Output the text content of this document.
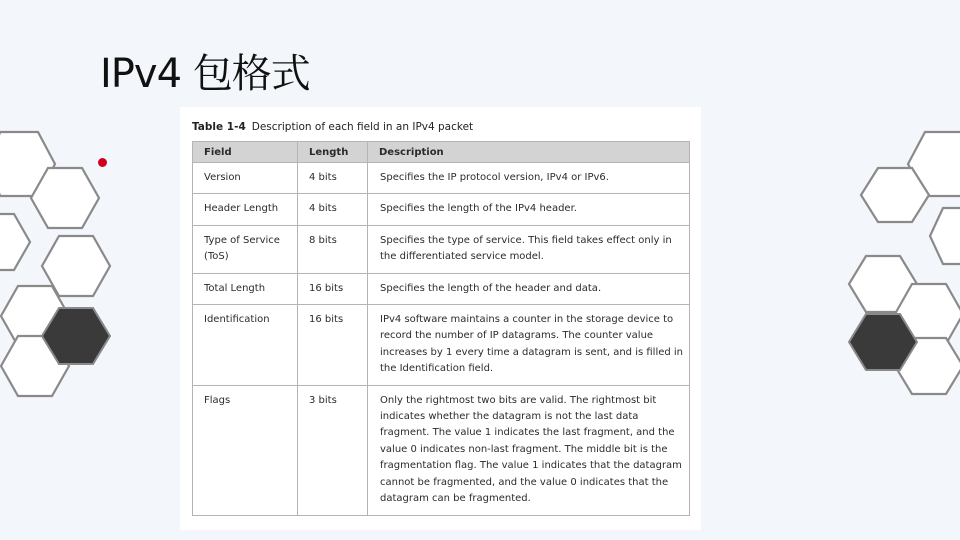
IPv4 包格式
Table 1-4 Description of each field in an IPv4 packet
Field	Length	Description
Version	4 bits	Specifies the IP protocol version, IPv4 or IPv6.
Header Length	4 bits	Specifies the length of the IPv4 header.
Type of Service (ToS)	8 bits	Specifies the type of service. This field takes effect only in the differentiated service model.
Total Length	16 bits	Specifies the length of the header and data.
Identification	16 bits	IPv4 software maintains a counter in the storage device to record the number of IP datagrams. The counter value increases by 1 every time a datagram is sent, and is filled in the Identification field.
Flags	3 bits	Only the rightmost two bits are valid. The rightmost bit indicates whether the datagram is not the last data fragment. The value 1 indicates the last fragment, and the value 0 indicates non-last fragment. The middle bit is the fragmentation flag. The value 1 indicates that the datagram cannot be fragmented, and the value 0 indicates that the datagram can be fragmented.
